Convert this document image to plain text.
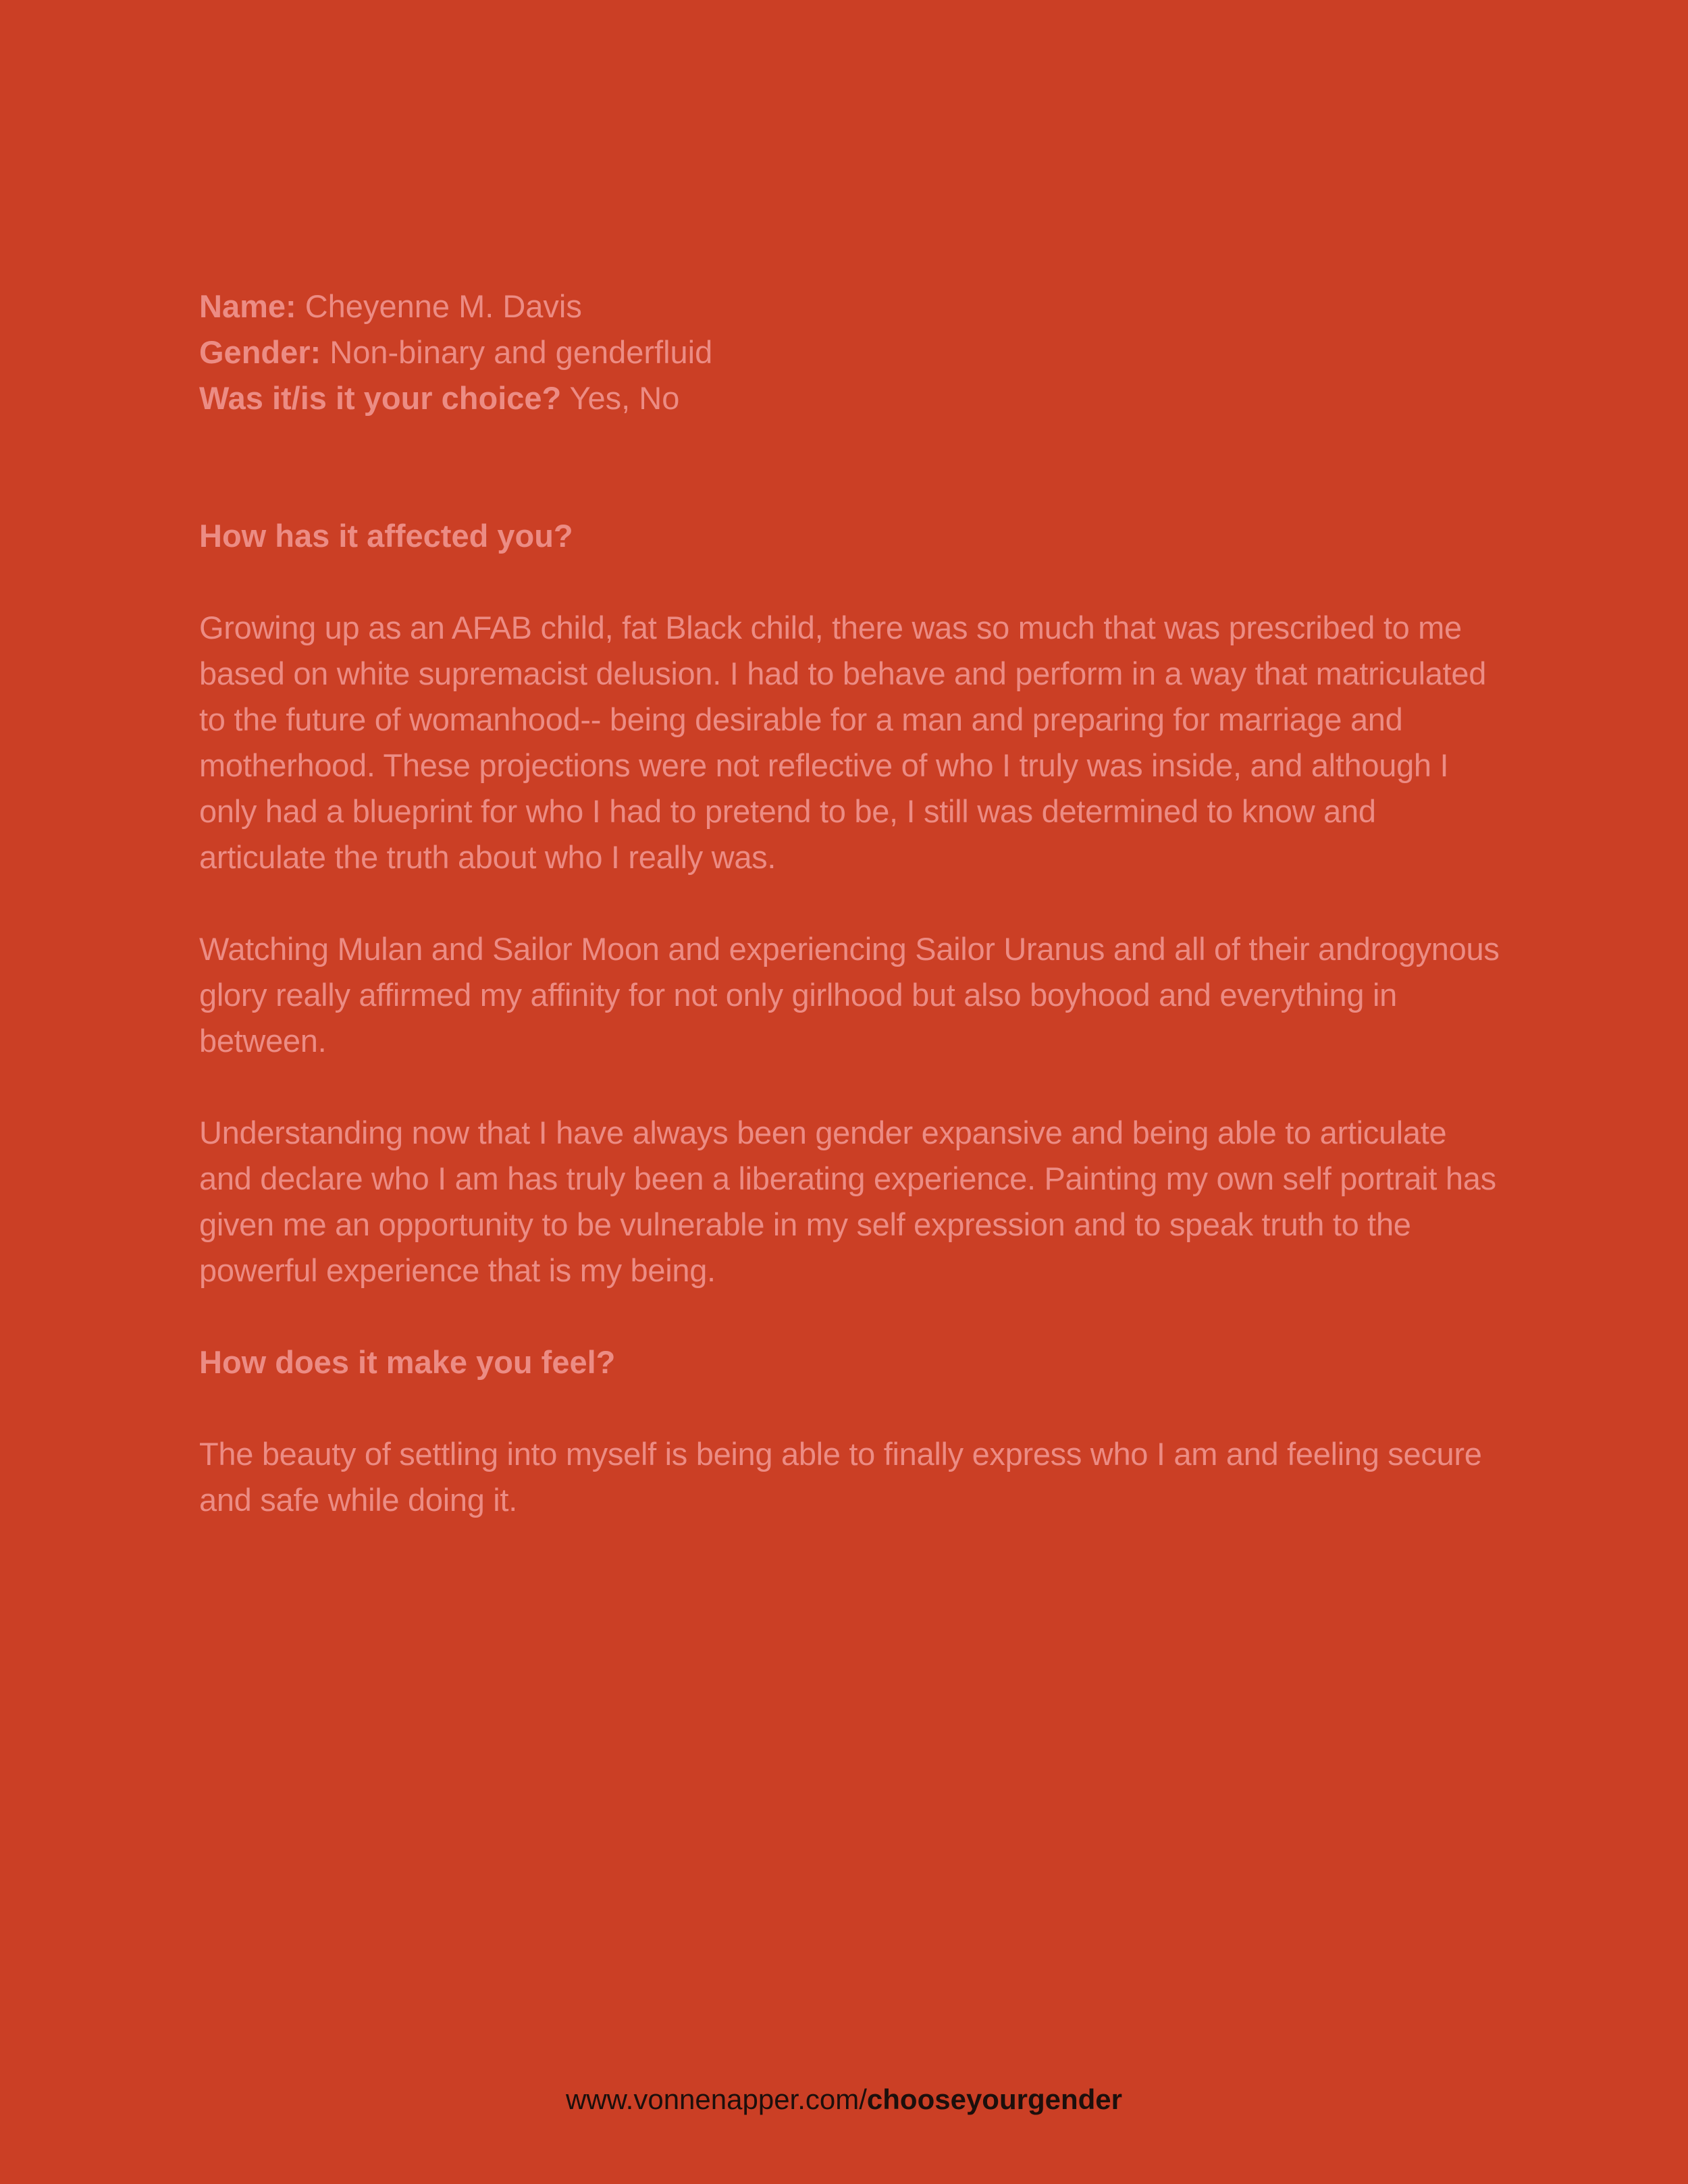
Name: Cheyenne M. Davis

Gender: Non-binary and genderfluid

Was it/is it your choice? Yes, No

How has it affected you?

Growing up as an AFAB child, fat Black child, there was so much that was prescribed to me based on white supremacist delusion. I had to behave and perform in a way that matriculated to the future of womanhood-- being desirable for a man and preparing for marriage and motherhood. These projections were not reflective of who I truly was inside, and although I only had a blueprint for who I had to pretend to be, I still was determined to know and articulate the truth about who I really was.

Watching Mulan and Sailor Moon and experiencing Sailor Uranus and all of their androgynous glory really affirmed my affinity for not only girlhood but also boyhood and everything in between.

Understanding now that I have always been gender expansive and being able to articulate and declare who I am has truly been a liberating experience. Painting my own self portrait has given me an opportunity to be vulnerable in my self expression and to speak truth to the powerful experience that is my being.

How does it make you feel?

The beauty of settling into myself is being able to finally express who I am and feeling secure and safe while doing it.

www.vonnenapper.com/chooseyourgender
